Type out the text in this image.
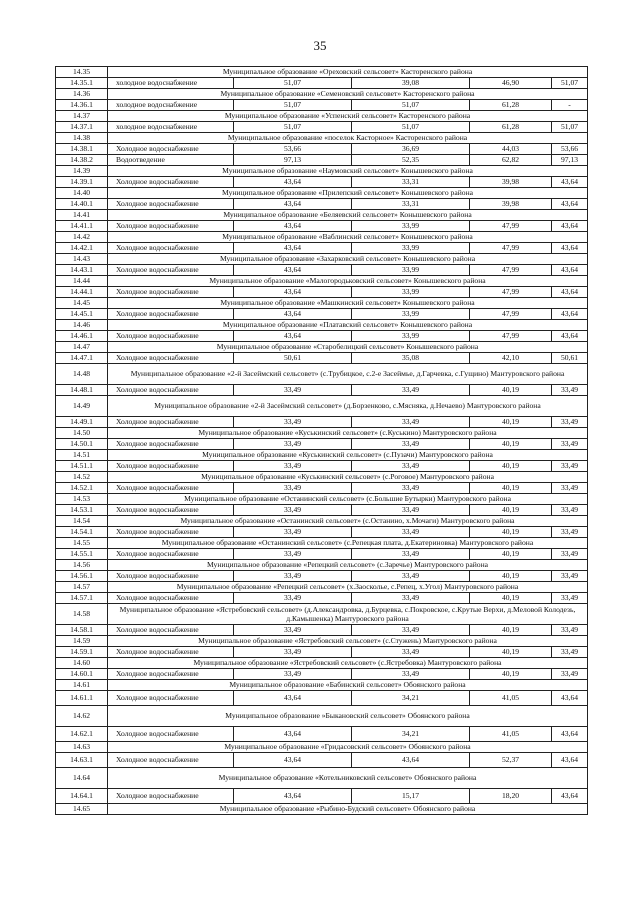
35
14.35	Муниципальное образование «Ореховский сельсовет» Касторенского района				
14.35.1	холодное водоснабжение	51,07	39,08	46,90	51,07
14.36	Муниципальное образование «Семеновский сельсовет» Касторенского района				
14.36.1	холодное водоснабжение	51,07	51,07	61,28	-
14.37	Муниципальное образование «Успенский сельсовет» Касторенского района				
14.37.1	холодное водоснабжение	51,07	51,07	61,28	51,07
14.38	Муниципальное образование «поселок Касторное» Касторенского района				
14.38.1	Холодное водоснабжение	53,66	36,69	44,03	53,66
14.38.2	Водоотведение	97,13	52,35	62,82	97,13
14.39	Муниципальное образование «Наумовский сельсовет» Конышевского района				
14.39.1	Холодное водоснабжение	43,64	33,31	39,98	43,64
14.40	Муниципальное образование «Прилепский сельсовет» Конышевского района				
14.40.1	Холодное водоснабжение	43,64	33,31	39,98	43,64
14.41	Муниципальное образование «Беляевский сельсовет» Конышевского района				
14.41.1	Холодное водоснабжение	43,64	33,99	47,99	43,64
14.42	Муниципальное образование «Ваблинский сельсовет» Конышевского района				
14.42.1	Холодное водоснабжение	43,64	33,99	47,99	43,64
14.43	Муниципальное образование «Захарковский сельсовет» Конышевского района				
14.43.1	Холодное водоснабжение	43,64	33,99	47,99	43,64
14.44	Муниципальное образование «Малогородьковский сельсовет» Конышевского района				
14.44.1	Холодное водоснабжение	43,64	33,99	47,99	43,64
14.45	Муниципальное образование «Машкинский сельсовет» Конышевского района				
14.45.1	Холодное водоснабжение	43,64	33,99	47,99	43,64
14.46	Муниципальное образование «Платавский сельсовет» Конышевского района				
14.46.1	Холодное водоснабжение	43,64	33,99	47,99	43,64
14.47	Муниципальное образование «Старобелицкий сельсовет» Конышевского района				
14.47.1	Холодное водоснабжение	50,61	35,08	42,10	50,61
14.48	Муниципальное образование «2-й Засеймский сельсовет» (с.Трубицкое, с.2-е Засеймье, д.Гарчевка, с.Гущино) Мантуровского района				
14.48.1	Холодное водоснабжение	33,49	33,49	40,19	33,49
14.49	Муниципальное образование «2-й Засеймский сельсовет» (д.Борзенково, с.Мясняка, д.Нечаево) Мантуровского района				
14.49.1	Холодное водоснабжение	33,49	33,49	40,19	33,49
14.50	Муниципальное образование «Куськинский сельсовет» (с.Куськино) Мантуровского района				
14.50.1	Холодное водоснабжение	33,49	33,49	40,19	33,49
14.51	Муниципальное образование «Куськинский сельсовет» (с.Пузачи) Мантуровского района				
14.51.1	Холодное водоснабжение	33,49	33,49	40,19	33,49
14.52	Муниципальное образование «Куськинский сельсовет» (с.Роговое) Мантуровского района				
14.52.1	Холодное водоснабжение	33,49	33,49	40,19	33,49
14.53	Муниципальное образование «Останинский сельсовет» (с.Большие Бутырки) Мантуровского района				
14.53.1	Холодное водоснабжение	33,49	33,49	40,19	33,49
14.54	Муниципальное образование «Останинский сельсовет» (с.Останино, х.Мочаги) Мантуровского района				
14.54.1	Холодное водоснабжение	33,49	33,49	40,19	33,49
14.55	Муниципальное образование «Останинский сельсовет» (с.Репецкая плата, д.Екатериновка) Мантуровского района				
14.55.1	Холодное водоснабжение	33,49	33,49	40,19	33,49
14.56	Муниципальное образование «Репецкий сельсовет» (с.Заречье) Мантуровского района				
14.56.1	Холодное водоснабжение	33,49	33,49	40,19	33,49
14.57	Муниципальное образование «Репецкий сельсовет» (х.Заосколье, с.Репец, х.Угол) Мантуровского района				
14.57.1	Холодное водоснабжение	33,49	33,49	40,19	33,49
14.58	Муниципальное образование «Ястребовский сельсовет» (д.Александровка, д.Бурцевка, с.Покровское, с.Крутые Верхи, д.Меловой Колодезь, д.Камышенка) Мантуровского района				
14.58.1	Холодное водоснабжение	33,49	33,49	40,19	33,49
14.59	Муниципальное образование «Ястребовский сельсовет» (с.Стужень) Мантуровского района				
14.59.1	Холодное водоснабжение	33,49	33,49	40,19	33,49
14.60	Муниципальное образование «Ястребовский сельсовет» (с.Ястребовка) Мантуровского района				
14.60.1	Холодное водоснабжение	33,49	33,49	40,19	33,49
14.61	Муниципальное образование «Бабинский сельсовет» Обоянского района				
14.61.1	Холодное водоснабжение	43,64	34,21	41,05	43,64
14.62	Муниципальное образование »Быкановский сельсовет» Обоянского района				
14.62.1	Холодное водоснабжение	43,64	34,21	41,05	43,64
14.63	Муниципальное образование «Гридасовский сельсовет» Обоянского района				
14.63.1	Холодное водоснабжение	43,64	43,64	52,37	43,64
14.64	Муниципальное образование «Котельниковский сельсовет» Обоянского района				
14.64.1	Холодное водоснабжение	43,64	15,17	18,20	43,64
14.65	Муниципальное образование «Рыбино-Будский сельсовет» Обоянского района				
